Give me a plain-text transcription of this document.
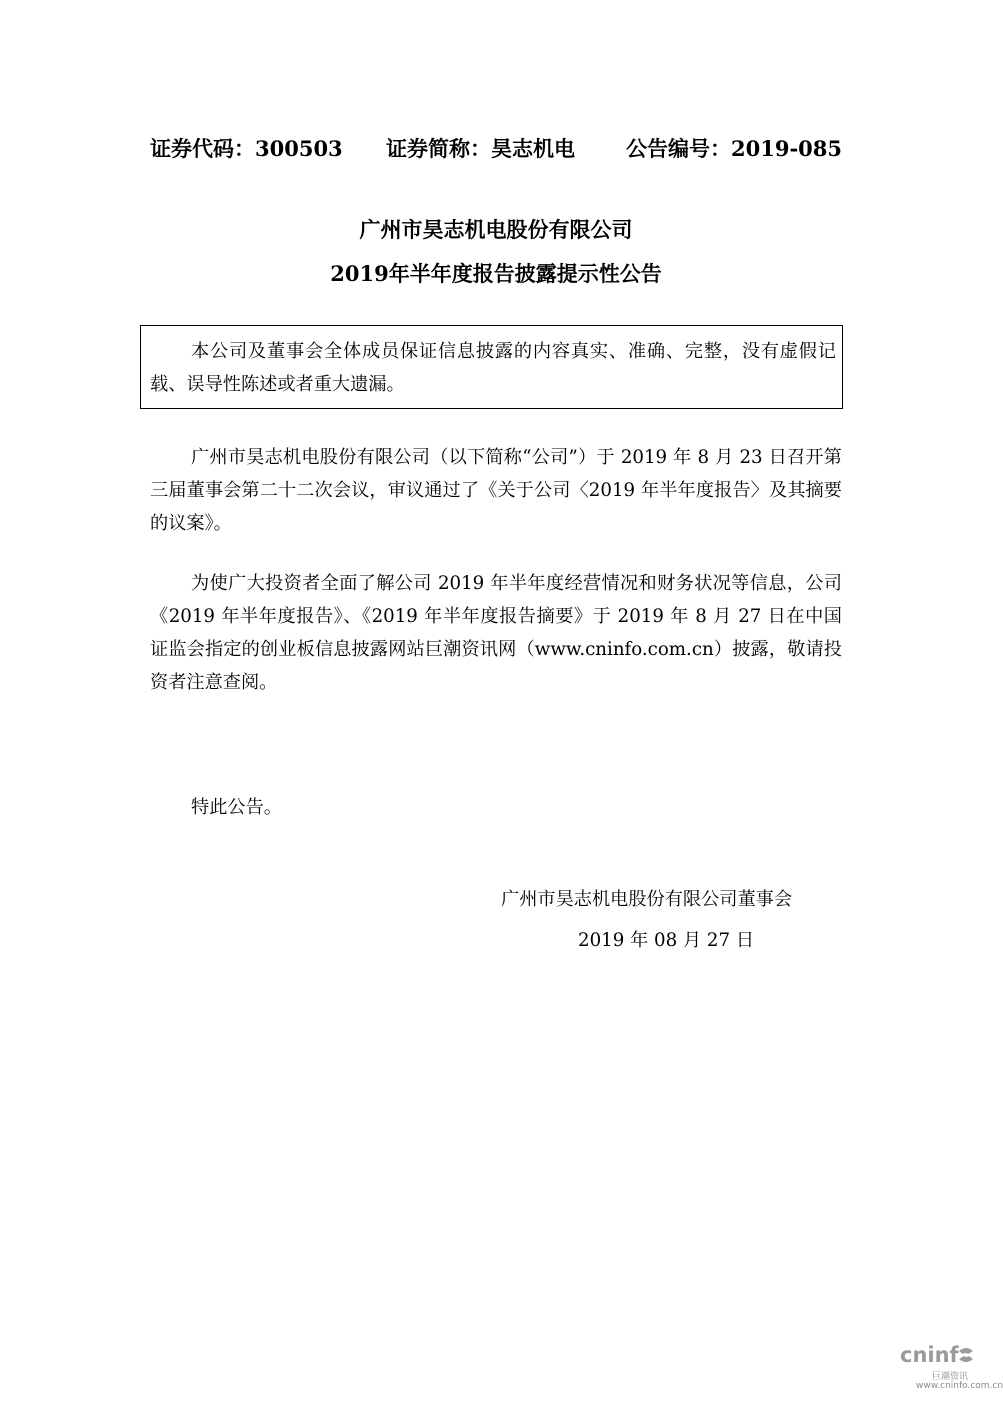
证券代码：300503 证券简称：昊志机电 公告编号：2019-085
广州市昊志机电股份有限公司
2019年半年度报告披露提示性公告
本公司及董事会全体成员保证信息披露的内容真实、准确、完整，没有虚假记载、误导性陈述或者重大遗漏。
广州市昊志机电股份有限公司（以下简称“公司”）于 2019 年 8 月 23 日召开第三届董事会第二十二次会议，审议通过了《关于公司〈2019 年半年度报告〉及其摘要的议案》。
为使广大投资者全面了解公司 2019 年半年度经营情况和财务状况等信息，公司《2019 年半年度报告》、《2019 年半年度报告摘要》于 2019 年 8 月 27 日在中国证监会指定的创业板信息披露网站巨潮资讯网（www.cninfo.com.cn）披露，敬请投资者注意查阅。
特此公告。
广州市昊志机电股份有限公司董事会
2019 年 08 月 27 日
cninf
巨潮资讯
www.cninfo.com.cn
